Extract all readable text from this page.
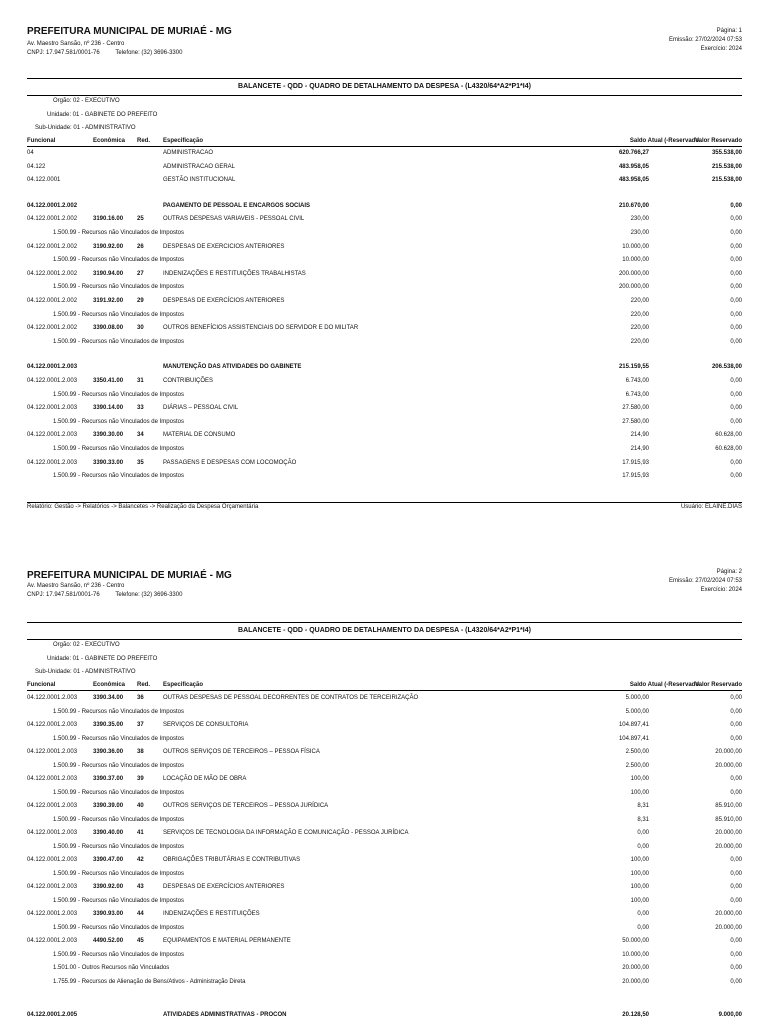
PREFEITURA MUNICIPAL DE MURIAÉ - MG
Av. Maestro Sansão, nº 236 - Centro
CNPJ: 17.947.581/0001-76	Telefone: (32) 3696-3300
Página: 1
Emissão: 27/02/2024 07:53
Exercício: 2024
BALANCETE - QDD - QUADRO DE DETALHAMENTO DA DESPESA - (L4320/64*A2*P1*I4)
Orgão: 02 - EXECUTIVO
Unidade: 01 - GABINETE DO PREFEITO
Sub-Unidade: 01 - ADMINISTRATIVO
Funcional	Econômica Red. Especificação	Saldo Atual (-Reservado
Valor Reservado
04	ADMINISTRACAO	620.766,27	355.538,00
04.122	ADMINISTRACAO GERAL	483.958,05	215.538,00
04.122.0001	GESTÃO INSTITUCIONAL	483.958,05	215.538,00
04.122.0001.2.002	PAGAMENTO DE PESSOAL E ENCARGOS SOCIAIS	210.670,00	0,00
04.122.0001.2.002	3190.16.00 25	OUTRAS DESPESAS VARIAVEIS - PESSOAL CIVIL	230,00	0,00
1.500.99 - Recursos não Vinculados de Impostos	230,00	0,00
04.122.0001.2.002	3190.92.00 26	DESPESAS DE EXERCICIOS ANTERIORES	10.000,00	0,00
1.500.99 - Recursos não Vinculados de Impostos	10.000,00	0,00
04.122.0001.2.002	3190.94.00 27	INDENIZAÇÕES E RESTITUIÇÕES TRABALHISTAS	200.000,00	0,00
1.500.99 - Recursos não Vinculados de Impostos	200.000,00	0,00
04.122.0001.2.002	3191.92.00 29	DESPESAS DE EXERCÍCIOS ANTERIORES	220,00	0,00
1.500.99 - Recursos não Vinculados de Impostos	220,00	0,00
04.122.0001.2.002	3390.08.00 30	OUTROS BENEFÍCIOS ASSISTENCIAIS DO SERVIDOR E DO MILITAR	220,00	0,00
1.500.99 - Recursos não Vinculados de Impostos	220,00	0,00
04.122.0001.2.003	MANUTENÇÃO DAS ATIVIDADES DO GABINETE	215.159,55	206.538,00
04.122.0001.2.003	3350.41.00 31	CONTRIBUIÇÕES	6.743,00	0,00
1.500.99 - Recursos não Vinculados de Impostos	6.743,00	0,00
04.122.0001.2.003	3390.14.00 33	DIÁRIAS – PESSOAL CIVIL	27.580,00	0,00
1.500.99 - Recursos não Vinculados de Impostos	27.580,00	0,00
04.122.0001.2.003	3390.30.00 34	MATERIAL DE CONSUMO	214,90	60.628,00
1.500.99 - Recursos não Vinculados de Impostos	214,90	60.628,00
04.122.0001.2.003	3390.33.00 35	PASSAGENS E DESPESAS COM LOCOMOÇÃO	17.915,93	0,00
1.500.99 - Recursos não Vinculados de Impostos	17.915,93	0,00
Relatório: Gestão -> Relatórios -> Balancetes -> Realização da Despesa Orçamentária	Usuário: ELAINE.DIAS
PREFEITURA MUNICIPAL DE MURIAÉ - MG
Av. Maestro Sansão, nº 236 - Centro
CNPJ: 17.947.581/0001-76	Telefone: (32) 3696-3300
Página: 2
Emissão: 27/02/2024 07:53
Exercício: 2024
BALANCETE - QDD - QUADRO DE DETALHAMENTO DA DESPESA - (L4320/64*A2*P1*I4)
Orgão: 02 - EXECUTIVO
Unidade: 01 - GABINETE DO PREFEITO
Sub-Unidade: 01 - ADMINISTRATIVO
Funcional	Econômica Red. Especificação	Saldo Atual (-Reservado
Valor Reservado
04.122.0001.2.003	3390.34.00 36	OUTRAS DESPESAS DE PESSOAL DECORRENTES DE CONTRATOS DE TERCEIRIZAÇÃO	5.000,00	0,00
1.500.99 - Recursos não Vinculados de Impostos	5.000,00	0,00
04.122.0001.2.003	3390.35.00 37	SERVIÇOS DE CONSULTORIA	104.897,41	0,00
1.500.99 - Recursos não Vinculados de Impostos	104.897,41	0,00
04.122.0001.2.003	3390.36.00 38	OUTROS SERVIÇOS DE TERCEIROS – PESSOA FÍSICA	2.500,00	20.000,00
1.500.99 - Recursos não Vinculados de Impostos	2.500,00	20.000,00
04.122.0001.2.003	3390.37.00 39	LOCAÇÃO DE MÃO DE OBRA	100,00	0,00
1.500.99 - Recursos não Vinculados de Impostos	100,00	0,00
04.122.0001.2.003	3390.39.00 40	OUTROS SERVIÇOS DE TERCEIROS – PESSOA JURÍDICA	8,31	85.910,00
1.500.99 - Recursos não Vinculados de Impostos	8,31	85.910,00
04.122.0001.2.003	3390.40.00 41	SERVIÇOS DE TECNOLOGIA DA INFORMAÇÃO E COMUNICAÇÃO - PESSOA JURÍDICA	0,00	20.000,00
1.500.99 - Recursos não Vinculados de Impostos	0,00	20.000,00
04.122.0001.2.003	3390.47.00 42	OBRIGAÇÕES TRIBUTÁRIAS E CONTRIBUTIVAS	100,00	0,00
1.500.99 - Recursos não Vinculados de Impostos	100,00	0,00
04.122.0001.2.003	3390.92.00 43	DESPESAS DE EXERCÍCIOS ANTERIORES	100,00	0,00
1.500.99 - Recursos não Vinculados de Impostos	100,00	0,00
04.122.0001.2.003	3390.93.00 44	INDENIZAÇÕES E RESTITUIÇÕES	0,00	20.000,00
1.500.99 - Recursos não Vinculados de Impostos	0,00	20.000,00
04.122.0001.2.003	4490.52.00 45	EQUIPAMENTOS E MATERIAL PERMANENTE	50.000,00	0,00
1.500.99 - Recursos não Vinculados de Impostos	10.000,00	0,00
1.501.00 - Outros Recursos não Vinculados	20.000,00	0,00
1.755.99 - Recursos de Alienação de Bens/Ativos - Administração Direta	20.000,00	0,00
04.122.0001.2.005	ATIVIDADES ADMINISTRATIVAS - PROCON	20.128,50	9.000,00
